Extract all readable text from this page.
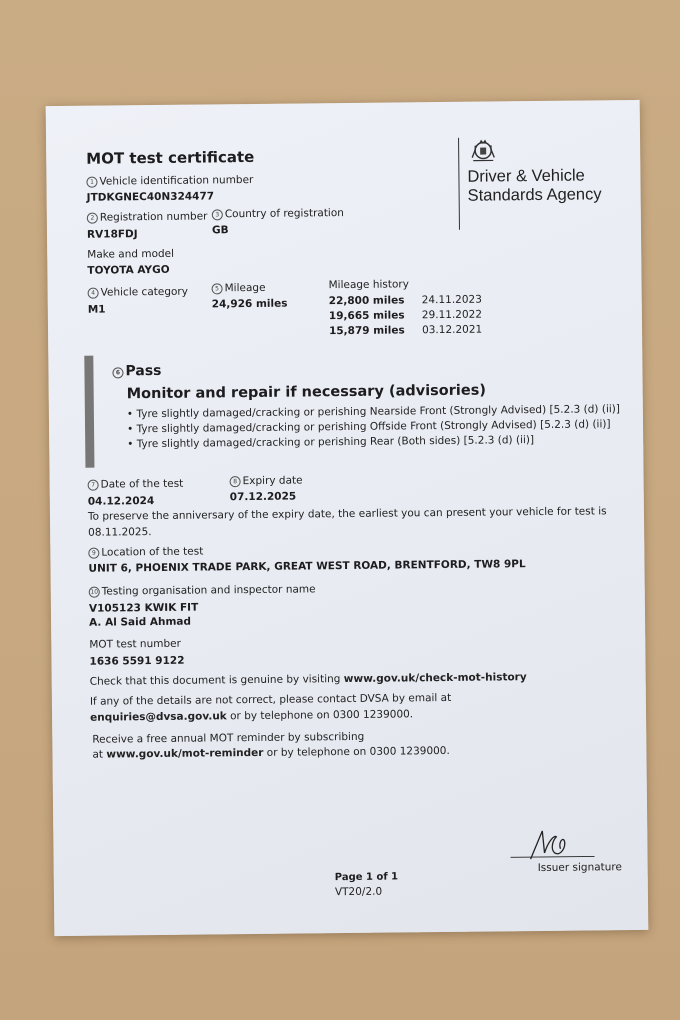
MOT test certificate
Driver & Vehicle Standards Agency
1 Vehicle identification number
JTDKGNEC40N324477
2 Registration number
RV18FDJ
3 Country of registration
GB
Make and model
TOYOTA AYGO
4 Vehicle category
M1
5 Mileage
24,926 miles
Mileage history
22,800 miles 24.11.2023
19,665 miles 29.11.2022
15,879 miles 03.12.2021
6 Pass
Monitor and repair if necessary (advisories)
• Tyre slightly damaged/cracking or perishing Nearside Front (Strongly Advised) [5.2.3 (d) (ii)]
• Tyre slightly damaged/cracking or perishing Offside Front (Strongly Advised) [5.2.3 (d) (ii)]
• Tyre slightly damaged/cracking or perishing Rear (Both sides) [5.2.3 (d) (ii)]
7 Date of the test
04.12.2024
8 Expiry date
07.12.2025
To preserve the anniversary of the expiry date, the earliest you can present your vehicle for test is
08.11.2025.
9 Location of the test
UNIT 6, PHOENIX TRADE PARK, GREAT WEST ROAD, BRENTFORD, TW8 9PL
10 Testing organisation and inspector name
V105123 KWIK FIT
A. Al Said Ahmad
MOT test number
1636 5591 9122
Check that this document is genuine by visiting www.gov.uk/check-mot-history
If any of the details are not correct, please contact DVSA by email at
enquiries@dvsa.gov.uk or by telephone on 0300 1239000.
Receive a free annual MOT reminder by subscribing
at www.gov.uk/mot-reminder or by telephone on 0300 1239000.
Issuer signature
Page 1 of 1
VT20/2.0
